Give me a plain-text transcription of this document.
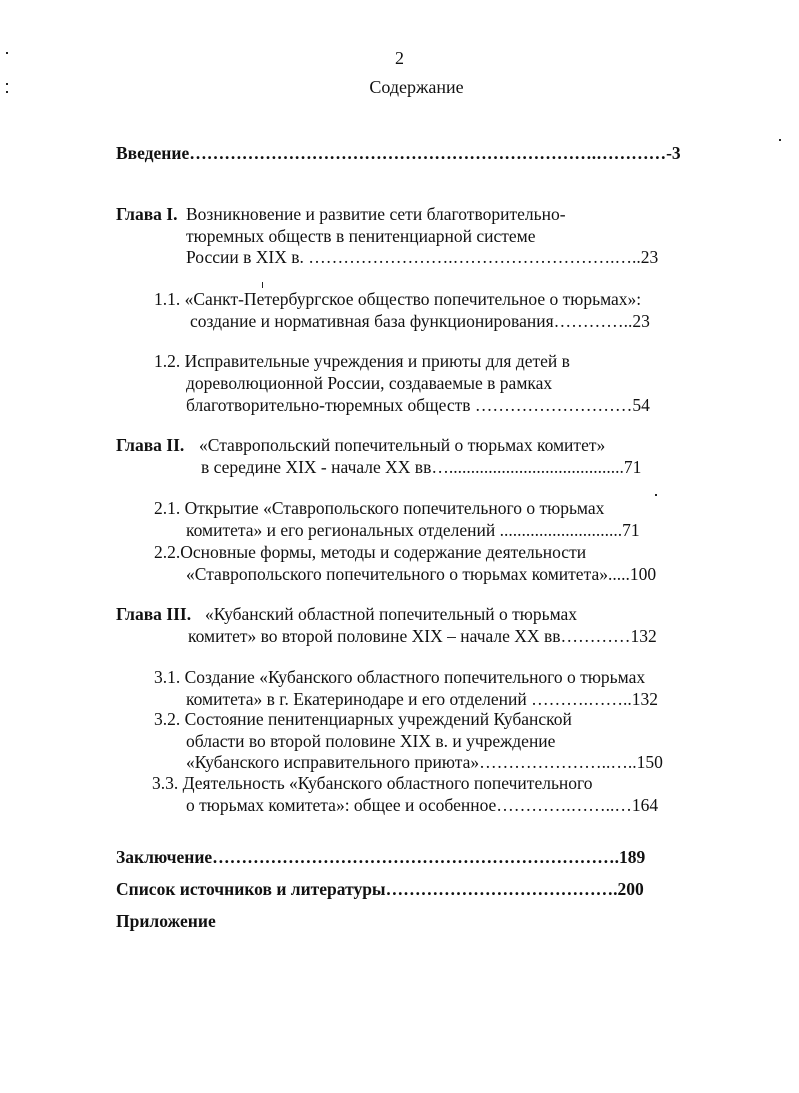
2
Содержание
Введение…………………………………………………………….…………-3
Глава I. Возникновение и развитие сети благотворительно-
тюремных обществ в пенитенциарной системе
России в XIX в. …………………….……………………….…..23
1.1. «Санкт-Петербургское общество попечительное о тюрьмах»:
создание и нормативная база функционирования…………..23
1.2. Исправительные учреждения и приюты для детей в
дореволюционной России, создаваемые в рамках
благотворительно-тюремных обществ ………………………54
Глава II. «Ставропольский попечительный о тюрьмах комитет»
в середине XIX - начале XX вв…........................................71
2.1. Открытие «Ставропольского попечительного о тюрьмах
комитета» и его региональных отделений ............................71
2.2.Основные формы, методы и содержание деятельности
«Ставропольского попечительного о тюрьмах комитета».....100
Глава III. «Кубанский областной попечительный о тюрьмах
комитет» во второй половине XIX – начале XX вв…………132
3.1. Создание «Кубанского областного попечительного о тюрьмах
комитета» в г. Екатеринодаре и его отделений ……….……..132
3.2. Состояние пенитенциарных учреждений Кубанской
области во второй половине XIX в. и учреждение
«Кубанского исправительного приюта»…………………..…..150
3.3. Деятельность «Кубанского областного попечительного
о тюрьмах комитета»: общее и особенное………….……..…164
Заключение…………………………………………………………….189
Список источников и литературы………………………………….200
Приложение
